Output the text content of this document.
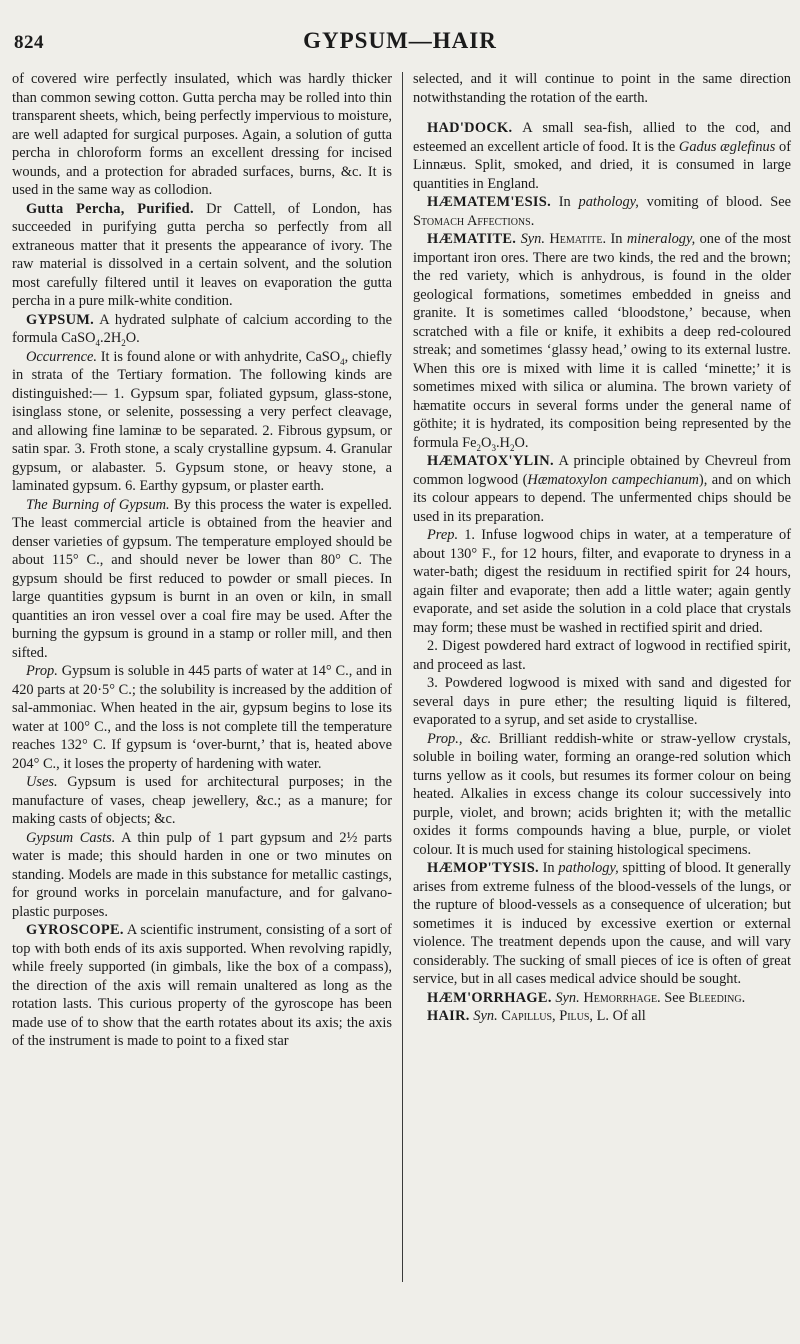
824	GYPSUM—HAIR

of covered wire perfectly insulated, which was hardly thicker than common sewing cotton. Gutta percha may be rolled into thin transparent sheets, which, being perfectly impervious to moisture, are well adapted for surgical purposes. Again, a solution of gutta percha in chloroform forms an excellent dressing for incised wounds, and a protection for abraded surfaces, burns, &c. It is used in the same way as collodion.

Gutta Percha, Purified. Dr Cattell, of London, has succeeded in purifying gutta percha so perfectly from all extraneous matter that it presents the appearance of ivory. The raw material is dissolved in a certain solvent, and the solution most carefully filtered until it leaves on evaporation the gutta percha in a pure milk-white condition.

GYPSUM. A hydrated sulphate of calcium according to the formula $CaSO_4.2H_2O$.

Occurrence. It is found alone or with anhydrite, CaSO$_4$, chiefly in strata of the Tertiary formation. The following kinds are distinguished:— 1. Gypsum spar, foliated gypsum, glass-stone, isinglass stone, or selenite, possessing a very perfect cleavage, and allowing fine laminæ to be separated. 2. Fibrous gypsum, or satin spar. 3. Froth stone, a scaly crystalline gypsum. 4. Granular gypsum, or alabaster. 5. Gypsum stone, or heavy stone, a laminated gypsum. 6. Earthy gypsum, or plaster earth.

The Burning of Gypsum. By this process the water is expelled. The least commercial article is obtained from the heavier and denser varieties of gypsum. The temperature employed should be about 115° C., and should never be lower than 80° C. The gypsum should be first reduced to powder or small pieces. In large quantities gypsum is burnt in an oven or kiln, in small quantities an iron vessel over a coal fire may be used. After the burning the gypsum is ground in a stamp or roller mill, and then sifted.

Prop. Gypsum is soluble in 445 parts of water at 14° C., and in 420 parts at 20·5° C.; the solubility is increased by the addition of sal-ammoniac. When heated in the air, gypsum begins to lose its water at 100° C., and the loss is not complete till the temperature reaches 132° C. If gypsum is ‘over-burnt,’ that is, heated above 204° C., it loses the property of hardening with water.

Uses. Gypsum is used for architectural purposes; in the manufacture of vases, cheap jewellery, &c.; as a manure; for making casts of objects; &c.

Gypsum Casts. A thin pulp of 1 part gypsum and 2½ parts water is made; this should harden in one or two minutes on standing. Models are made in this substance for metallic castings, for ground works in porcelain manufacture, and for galvano-plastic purposes.

GYROSCOPE. A scientific instrument, consisting of a sort of top with both ends of its axis supported. When revolving rapidly, while freely supported (in gimbals, like the box of a compass), the direction of the axis will remain unaltered as long as the rotation lasts. This curious property of the gyroscope has been made use of to show that the earth rotates about its axis; the axis of the instrument is made to point to a fixed star

selected, and it will continue to point in the same direction notwithstanding the rotation of the earth.

HAD'DOCK. A small sea-fish, allied to the cod, and esteemed an excellent article of food. It is the Gadus æglefinus of Linnæus. Split, smoked, and dried, it is consumed in large quantities in England.

HÆMATEM'ESIS. In pathology, vomiting of blood. See Stomach Affections.

HÆMATITE. Syn. Hematite. In mineralogy, one of the most important iron ores. There are two kinds, the red and the brown; the red variety, which is anhydrous, is found in the older geological formations, sometimes embedded in gneiss and granite. It is sometimes called ‘bloodstone,’ because, when scratched with a file or knife, it exhibits a deep red-coloured streak; and sometimes ‘glassy head,’ owing to its external lustre. When this ore is mixed with lime it is called ‘minette;’ it is sometimes mixed with silica or alumina. The brown variety of hæmatite occurs in several forms under the general name of göthite; it is hydrated, its composition being represented by the formula $Fe_2O_3.H_2O$.

HÆMATOX'YLIN. A principle obtained by Chevreul from common logwood (Hæmatoxylon campechianum), and on which its colour appears to depend. The unfermented chips should be used in its preparation.

Prep. 1. Infuse logwood chips in water, at a temperature of about 130° F., for 12 hours, filter, and evaporate to dryness in a water-bath; digest the residuum in rectified spirit for 24 hours, again filter and evaporate; then add a little water; again gently evaporate, and set aside the solution in a cold place that crystals may form; these must be washed in rectified spirit and dried.

2. Digest powdered hard extract of logwood in rectified spirit, and proceed as last.

3. Powdered logwood is mixed with sand and digested for several days in pure ether; the resulting liquid is filtered, evaporated to a syrup, and set aside to crystallise.

Prop., &c. Brilliant reddish-white or straw-yellow crystals, soluble in boiling water, forming an orange-red solution which turns yellow as it cools, but resumes its former colour on being heated. Alkalies in excess change its colour successively into purple, violet, and brown; acids brighten it; with the metallic oxides it forms compounds having a blue, purple, or violet colour. It is much used for staining histological specimens.

HÆMOP'TYSIS. In pathology, spitting of blood. It generally arises from extreme fulness of the blood-vessels of the lungs, or the rupture of blood-vessels as a consequence of ulceration; but sometimes it is induced by excessive exertion or external violence. The treatment depends upon the cause, and will vary considerably. The sucking of small pieces of ice is often of great service, but in all cases medical advice should be sought.

HÆM'ORRHAGE. Syn. Hemorrhage. See Bleeding.

HAIR. Syn. Capillus, Pilus, L. Of all
